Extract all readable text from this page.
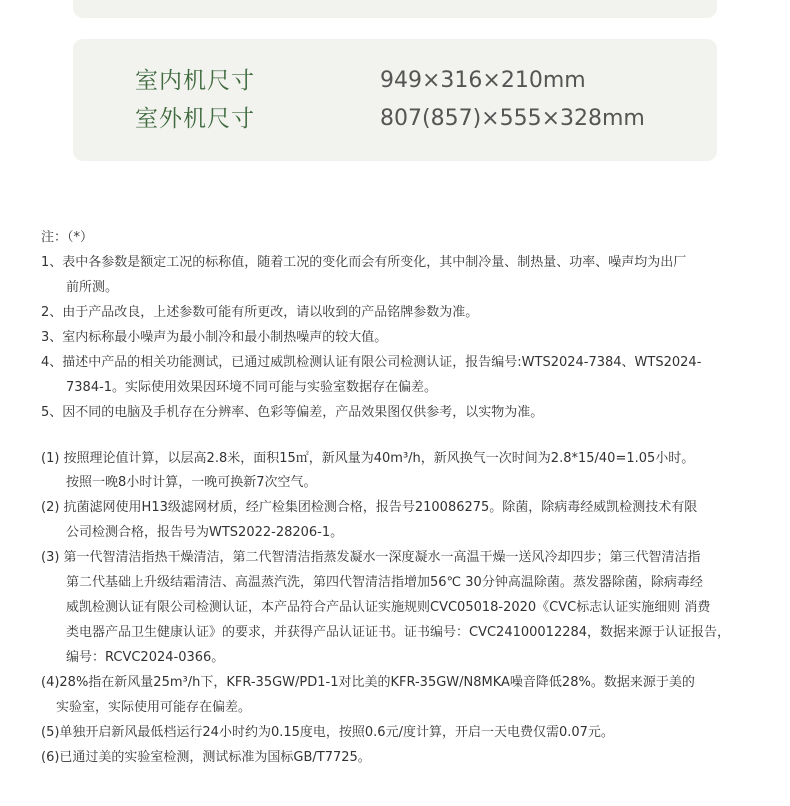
室内机尺寸	949×316×210mm
室外机尺寸	807(857)×555×328mm
注：（*）
1、表中各参数是额定工况的标称值，随着工况的变化而会有所变化，其中制冷量、制热量、功率、噪声均为出厂
前所测。
2、由于产品改良，上述参数可能有所更改，请以收到的产品铭牌参数为准。
3、室内标称最小噪声为最小制冷和最小制热噪声的较大值。
4、描述中产品的相关功能测试，已通过威凯检测认证有限公司检测认证，报告编号:WTS2024-7384、WTS2024-
7384-1。实际使用效果因环境不同可能与实验室数据存在偏差。
5、因不同的电脑及手机存在分辨率、色彩等偏差，产品效果图仅供参考，以实物为准。
(1) 按照理论值计算，以层高2.8米，面积15㎡，新风量为40m³/h，新风换气一次时间为2.8*15/40=1.05小时。
按照一晚8小时计算，一晚可换新7次空气。
(2) 抗菌滤网使用H13级滤网材质，经广检集团检测合格，报告号210086275。除菌，除病毒经威凯检测技术有限
公司检测合格，报告号为WTS2022-28206-1。
(3) 第一代智清洁指热干燥清洁，第二代智清洁指蒸发凝水一深度凝水一高温干燥一送风冷却四步；第三代智清洁指
第二代基础上升级结霜清洁、高温蒸汽洗，第四代智清洁指增加56℃ 30分钟高温除菌。蒸发器除菌，除病毒经
威凯检测认证有限公司检测认证，本产品符合产品认证实施规则CVC05018-2020《CVC标志认证实施细则 消费
类电器产品卫生健康认证》的要求，并获得产品认证证书。证书编号：CVC24100012284，数据来源于认证报告，
编号：RCVC2024-0366。
(4)28%指在新风量25m³/h下，KFR-35GW/PD1-1对比美的KFR-35GW/N8MKA噪音降低28%。数据来源于美的
实验室，实际使用可能存在偏差。
(5)单独开启新风最低档运行24小时约为0.15度电，按照0.6元/度计算，开启一天电费仅需0.07元。
(6)已通过美的实验室检测，测试标准为国标GB/T7725。
